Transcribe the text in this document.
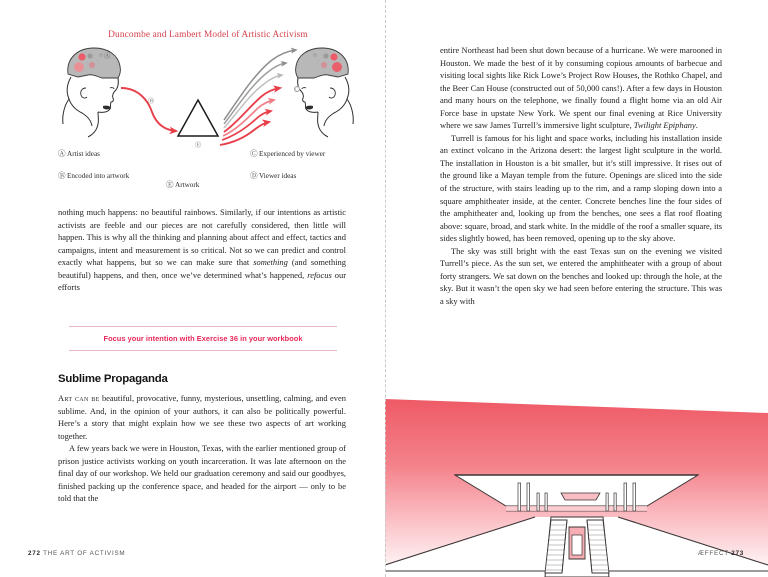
Duncombe and Lambert Model of Artistic Activism
Ⓐ
Ⓑ
Ⓔ
Ⓒ
ⒶArtist ideas
ⒷEncoded into artwork
ⒸExperienced by viewer
ⒹViewer ideas
ⒺArtwork

nothing much happens: no beautiful rainbows. Similarly, if our intentions as artistic activists are feeble and our pieces are not carefully considered, then little will happen. This is why all the thinking and planning about affect and effect, tactics and campaigns, intent and measurement is so critical. Not so we can predict and control exactly what happens, but so we can make sure that something (and something beautiful) happens, and then, once we’ve determined what’s happened, refocus our efforts

Focus your intention with Exercise 36 in your workbook
Sublime Propaganda

Art can be beautiful, provocative, funny, mysterious, unsettling, calming, and even sublime. And, in the opinion of your authors, it can also be politically powerful. Here’s a story that might explain how we see these two aspects of art working together.

A few years back we were in Houston, Texas, with the earlier mentioned group of prison justice activists working on youth incarceration. It was late afternoon on the final day of our workshop. We held our graduation ceremony and said our goodbyes, finished packing up the conference space, and headed for the airport — only to be told that the

272 THE ART OF ACTIVISM

entire Northeast had been shut down because of a hurricane. We were marooned in Houston. We made the best of it by consuming copious amounts of barbecue and visiting local sights like Rick Lowe’s Project Row Houses, the Rothko Chapel, and the Beer Can House (constructed out of 50,000 cans!). After a few days in Houston and many hours on the telephone, we finally found a flight home via an old Air Force base in upstate New York. We spent our final evening at Rice University where we saw James Turrell’s immersive light sculpture, Twilight Epiphany.

Turrell is famous for his light and space works, including his installation inside an extinct volcano in the Arizona desert: the largest light sculpture in the world. The installation in Houston is a bit smaller, but it’s still impressive. It rises out of the ground like a Mayan temple from the future. Openings are sliced into the side of the structure, with stairs leading up to the rim, and a ramp sloping down into a square amphitheater inside, at the center. Concrete benches line the four sides of the amphitheater and, looking up from the benches, one sees a flat roof floating above: square, broad, and stark white. In the middle of the roof a smaller square, its sides slightly bowed, has been removed, opening up to the sky above.

The sky was still bright with the east Texas sun on the evening we visited Turrell’s piece. As the sun set, we entered the amphitheater with a group of about forty strangers. We sat down on the benches and looked up: through the hole, at the sky. But it wasn’t the open sky we had seen before entering the structure. This was a sky with

ÆFFECT 273
